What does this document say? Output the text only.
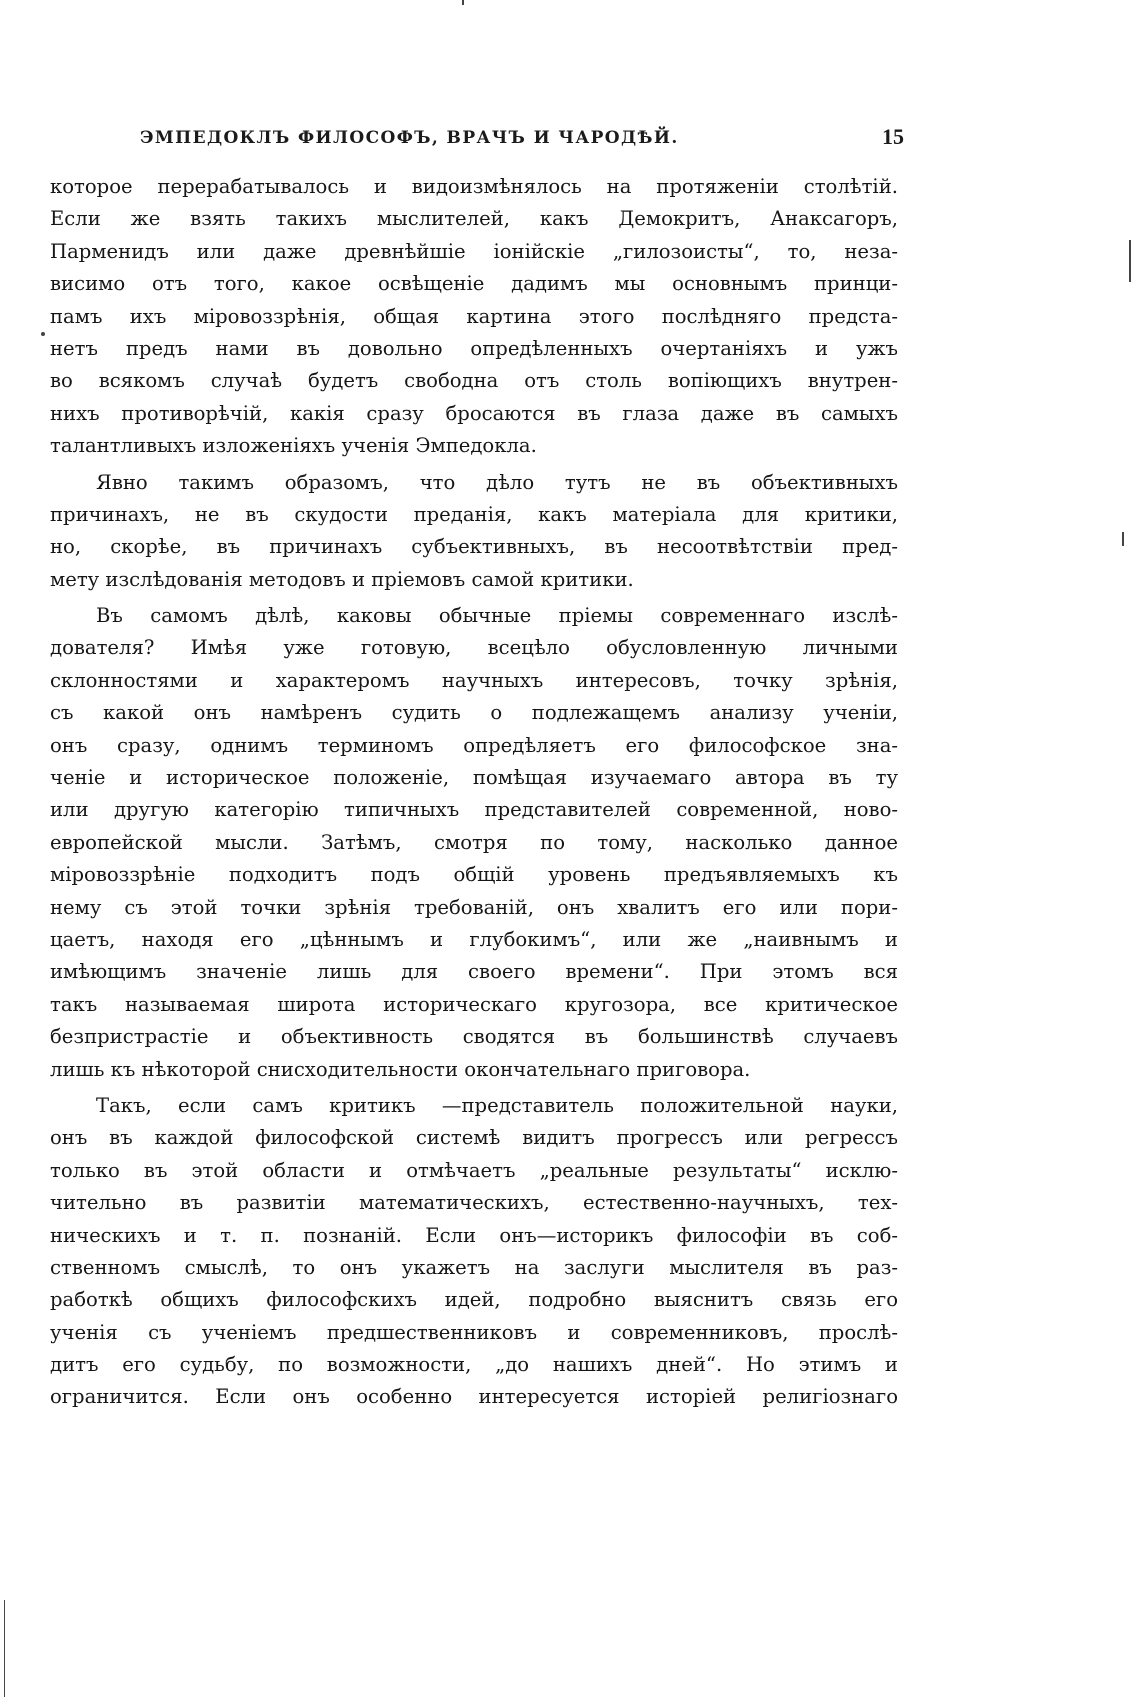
ЭМПЕДОКЛЪ ФИЛОСОФЪ, ВРАЧЪ И ЧАРОДѢЙ.	15
которое перерабатывалось и видоизмѣнялось на протяженіи столѣтій.
Если же взять такихъ мыслителей, какъ Демокритъ, Анаксагоръ,
Парменидъ или даже древнѣйшіе іонійскіе „гилозоисты“, то, неза-
висимо отъ того, какое освѣщеніе дадимъ мы основнымъ принци-
памъ ихъ міровоззрѣнія, общая картина этого послѣдняго предста-
нетъ предъ нами въ довольно опредѣленныхъ очертаніяхъ и ужъ
во всякомъ случаѣ будетъ свободна отъ столь вопіющихъ внутрен-
нихъ противорѣчій, какія сразу бросаются въ глаза даже въ самыхъ
талантливыхъ изложеніяхъ ученія Эмпедокла.
Явно такимъ образомъ, что дѣло тутъ не въ объективныхъ
причинахъ, не въ скудости преданія, какъ матеріала для критики,
но, скорѣе, въ причинахъ субъективныхъ, въ несоотвѣтствіи пред-
мету изслѣдованія методовъ и пріемовъ самой критики.
Въ самомъ дѣлѣ, каковы обычные пріемы современнаго изслѣ-
дователя? Имѣя уже готовую, всецѣло обусловленную личными
склонностями и характеромъ научныхъ интересовъ, точку зрѣнія,
съ какой онъ намѣренъ судить о подлежащемъ анализу ученіи,
онъ сразу, однимъ терминомъ опредѣляетъ его философское зна-
ченіе и историческое положеніе, помѣщая изучаемаго автора въ ту
или другую категорію типичныхъ представителей современной, ново-
европейской мысли. Затѣмъ, смотря по тому, насколько данное
міровоззрѣніе подходитъ подъ общій уровень предъявляемыхъ къ
нему съ этой точки зрѣнія требованій, онъ хвалитъ его или пори-
цаетъ, находя его „цѣннымъ и глубокимъ“, или же „наивнымъ и
имѣющимъ значеніе лишь для своего времени“. При этомъ вся
такъ называемая широта историческаго кругозора, все критическое
безпристрастіе и объективность сводятся въ большинствѣ случаевъ
лишь къ нѣкоторой снисходительности окончательнаго приговора.
Такъ, если самъ критикъ —представитель положительной науки,
онъ въ каждой философской системѣ видитъ прогрессъ или регрессъ
только въ этой области и отмѣчаетъ „реальные результаты“ исклю-
чительно въ развитіи математическихъ, естественно-научныхъ, тех-
ническихъ и т. п. познаній. Если онъ—историкъ философіи въ соб-
ственномъ смыслѣ, то онъ укажетъ на заслуги мыслителя въ раз-
работкѣ общихъ философскихъ идей, подробно выяснитъ связь его
ученія съ ученіемъ предшественниковъ и современниковъ, прослѣ-
дитъ его судьбу, по возможности, „до нашихъ дней“. Но этимъ и
ограничится. Если онъ особенно интересуется исторіей религіознаго
